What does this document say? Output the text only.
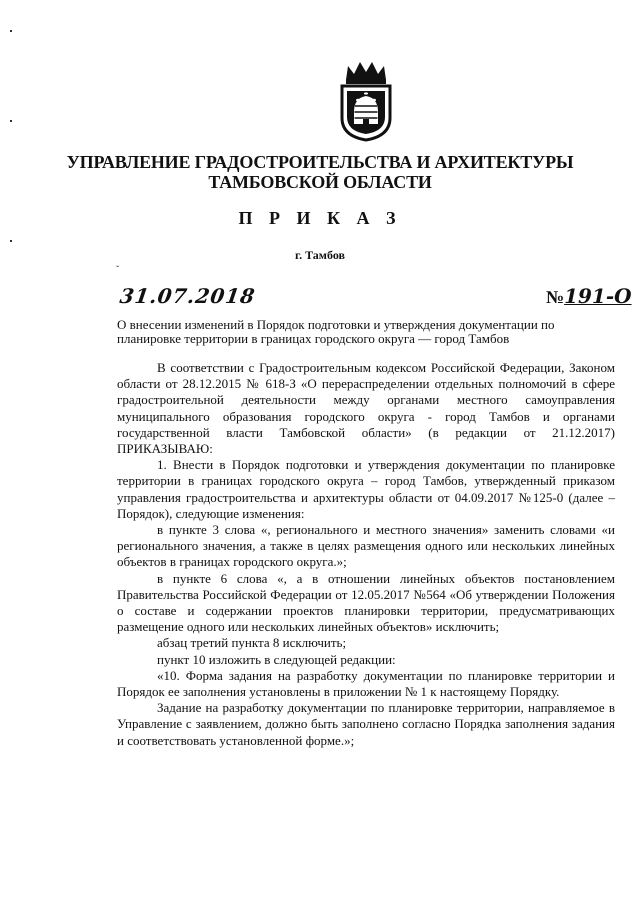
УПРАВЛЕНИЕ ГРАДОСТРОИТЕЛЬСТВА И АРХИТЕКТУРЫ
ТАМБОВСКОЙ ОБЛАСТИ
П Р И К А З
г. Тамбов
ˇ
31.07.2018	№191-О
О внесении изменений в Порядок подготовки и утверждения документации по планировке территории в границах городского округа — город Тамбов

В соответствии с Градостроительным кодексом Российской Федерации, Законом области от 28.12.2015 № 618-З «О перераспределении отдельных полномочий в сфере градостроительной деятельности между органами местного самоуправления муниципального образования городского округа - город Тамбов и органами государственной власти Тамбовской области» (в редакции от 21.12.2017) ПРИКАЗЫВАЮ:

1. Внести в Порядок подготовки и утверждения документации по планировке территории в границах городского округа – город Тамбов, утвержденный приказом управления градостроительства и архитектуры области от 04.09.2017 №125-0 (далее – Порядок), следующие изменения:

в пункте 3 слова «, регионального и местного значения» заменить словами «и регионального значения, а также в целях размещения одного или нескольких линейных объектов в границах городского округа.»;

в пункте 6 слова «, а в отношении линейных объектов постановлением Правительства Российской Федерации от 12.05.2017 №564 «Об утверждении Положения о составе и содержании проектов планировки территории, предусматривающих размещение одного или нескольких линейных объектов» исключить;

абзац третий пункта 8 исключить;

пункт 10 изложить в следующей редакции:

«10. Форма задания на разработку документации по планировке территории и Порядок ее заполнения установлены в приложении № 1 к настоящему Порядку.

Задание на разработку документации по планировке территории, направляемое в Управление с заявлением, должно быть заполнено согласно Порядка заполнения задания и соответствовать установленной форме.»;
